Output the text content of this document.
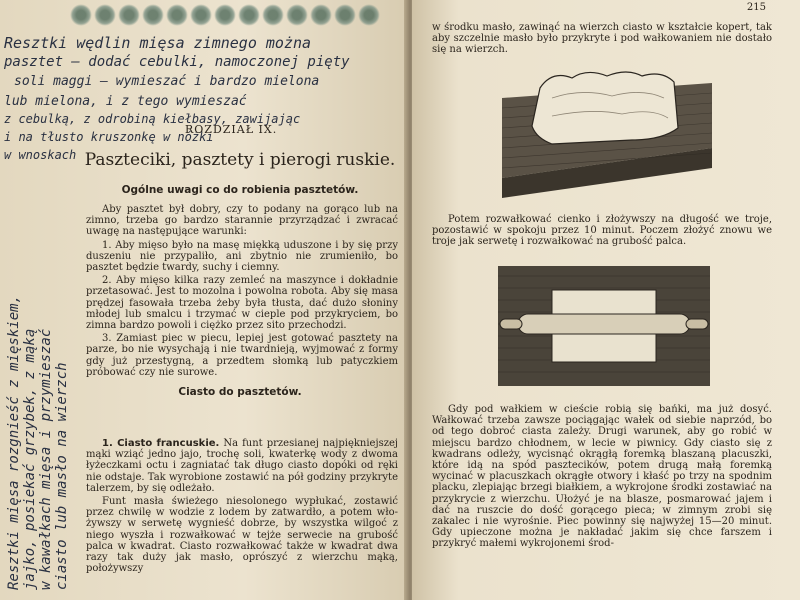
Resztki wędlin mięsa zimnego można
pasztet — dodać cebulki, namoczonej pięty
soli maggi — wymieszać i bardzo mielona
lub mielona, i z tego wymieszać
z cebulką, z odrobiną kiełbasy, zawijając
i na tłusto kruszonkę w nóżki
w wnoskach
Resztki mięsa rozgnieść z mięskiem, jajko, posiekać grzybek, z mąką w kawałkach mięsa i przymieszać ciasto lub masło na wierzch
ROZDZIAŁ IX.
Paszteciki, pasztety i pierogi ruskie.
Ogólne uwagi co do robienia pasztetów.

Aby pasztet był dobry, czy to podany na gorąco lub na zimno, trzeba go bardzo starannie przyrządzać i zwracać uwagę na następujące warunki:

1. Aby mięso było na masę miękką uduszone i by się przy duszeniu nie przypaliło, ani zbytnio nie zrumieniło, bo pasztet będzie twardy, suchy i ciemny.

2. Aby mięso kilka razy zemleć na maszynce i dokładnie przetasować. Jest to mozolna i powolna robota. Aby się masa prędzej fasowała trzeba żeby była tłusta, dać dużo słoniny młodej lub smalcu i trzymać w cieple pod przykryciem, bo zimna bardzo powoli i ciężko przez sito przechodzi.

3. Zamiast piec w piecu, lepiej jest gotować pasztety na parze, bo nie wysychają i nie twardnieją, wyjmować z formy gdy już przestygną, a przedtem słomką lub patyczkiem próbować czy nie surowe.

Ciasto do pasztetów.

1. Ciasto francuskie. Na funt przesianej najpiękniejszej mąki wziąć jedno jajo, trochę soli, kwaterkę wody z dwoma łyżeczkami octu i zagniatać tak długo ciasto dopóki od ręki nie odstaje. Tak wyrobione zostawić na pół godziny przykryte talerzem, by się odleżało.

Funt masła świeżego niesolonego wypłukać, zostawić przez chwilę w wodzie z lodem by zatwardło, a potem wło-żywszy w serwetę wygnieść dobrze, by wszystka wilgoć z niego wyszła i rozwałkować w tejże serwecie na grubość palca w kwadrat. Ciasto rozwałkować także w kwadrat dwa razy tak duży jak masło, oprószyć z wierzchu mąką, położywszy

215

w środku masło, zawinąć na wierzch ciasto w kształcie kopert, tak aby szczelnie masło było przykryte i pod wałkowaniem nie dostało się na wierzch.

Potem rozwałkować cienko i złożywszy na długość we troje, pozostawić w spokoju przez 10 minut. Poczem złożyć znowu we troje jak serwetę i rozwałkować na grubość palca.

Gdy pod wałkiem w cieście robią się bańki, ma już dosyć. Wałkować trzeba zawsze pociągając wałek od siebie naprzód, bo od tego dobroć ciasta zależy. Drugi warunek, aby go robić w miejscu bardzo chłodnem, w lecie w piwnicy. Gdy ciasto się z kwadrans odleży, wycisnąć okrągłą foremką blaszaną placuszki, które idą na spód pasztecików, potem drugą małą foremką wycinać w placuszkach okrągłe otwory i kłaść po trzy na spodnim placku, zlepiając brzegi białkiem, a wykrojone środki zostawiać na przykrycie z wierzchu. Ułożyć je na blasze, posmarować jajem i dać na ruszcie do dość gorącego pieca; w zimnym zrobi się zakalec i nie wyrośnie. Piec powinny się najwyżej 15—20 minut. Gdy upieczone można je nakładać jakim się chce farszem i przykryć małemi wykrojonemi środ-
